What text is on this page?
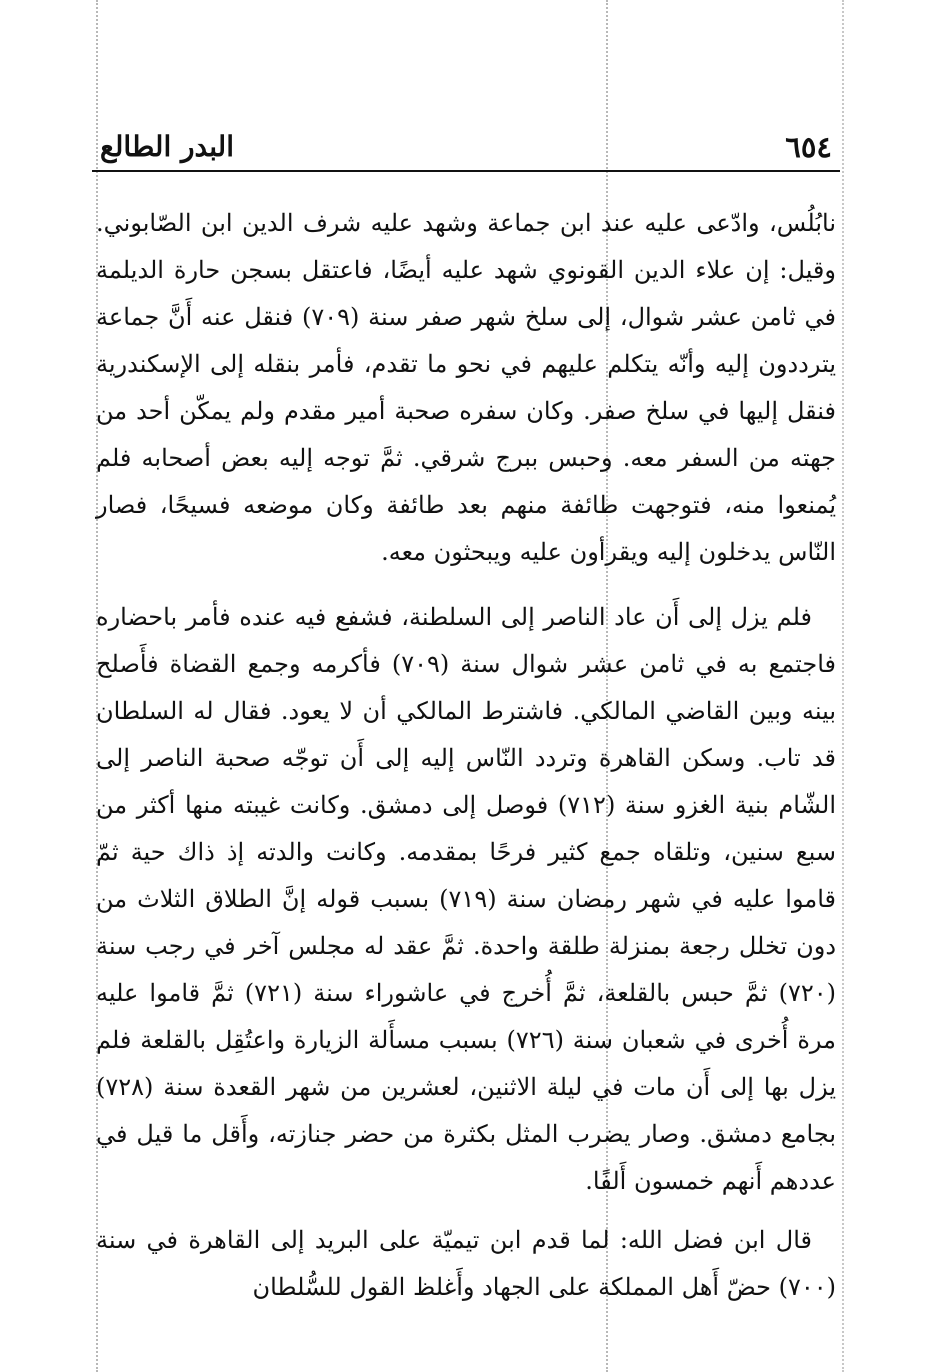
٦٥٤
البدر الطالع

نابُلُس، وادّعى عليه عند ابن جماعة وشهد عليه شرف الدين ابن الصّابوني. وقيل: إن علاء الدين القونوي شهد عليه أيضًا، فاعتقل بسجن حارة الديلمة في ثامن عشر شوال، إلى سلخ شهر صفر سنة (٧٠٩) فنقل عنه أَنَّ جماعة يترددون إليه وأنّه يتكلم عليهم في نحو ما تقدم، فأمر بنقله إلى الإسكندرية فنقل إليها في سلخ صفر. وكان سفره صحبة أمير مقدم ولم يمكّن أحد من جهته من السفر معه. وحبس ببرج شرقي. ثمَّ توجه إليه بعض أصحابه فلم يُمنعوا منه، فتوجهت طائفة منهم بعد طائفة وكان موضعه فسيحًا، فصار النّاس يدخلون إليه ويقرأون عليه ويبحثون معه.

فلم يزل إلى أَن عاد الناصر إلى السلطنة، فشفع فيه عنده فأمر باحضاره فاجتمع به في ثامن عشر شوال سنة (٧٠٩) فأكرمه وجمع القضاة فأَصلح بينه وبين القاضي المالكي. فاشترط المالكي أن لا يعود. فقال له السلطان قد تاب. وسكن القاهرة وتردد النّاس إليه إلى أَن توجّه صحبة الناصر إلى الشّام بنية الغزو سنة (٧١٢) فوصل إلى دمشق. وكانت غيبته منها أكثر من سبع سنين، وتلقاه جمع كثير فرحًا بمقدمه. وكانت والدته إذ ذاك حية ثمّ قاموا عليه في شهر رمضان سنة (٧١٩) بسبب قوله إنَّ الطلاق الثلاث من دون تخلل رجعة بمنزلة طلقة واحدة. ثمَّ عقد له مجلس آخر في رجب سنة (٧٢٠) ثمَّ حبس بالقلعة، ثمَّ أُخرج في عاشوراء سنة (٧٢١) ثمَّ قاموا عليه مرة أُخرى في شعبان سنة (٧٢٦) بسبب مسأَلة الزيارة واعتُقِل بالقلعة فلم يزل بها إلى أَن مات في ليلة الاثنين، لعشرين من شهر القعدة سنة (٧٢٨) بجامع دمشق. وصار يضرب المثل بكثرة من حضر جنازته، وأَقل ما قيل في عددهم أَنهم خمسون أَلفًا.

قال ابن فضل الله: لما قدم ابن تيميّة على البريد إلى القاهرة في سنة (٧٠٠) حضّ أَهل المملكة على الجهاد وأَغلظ القول للسُّلطان
